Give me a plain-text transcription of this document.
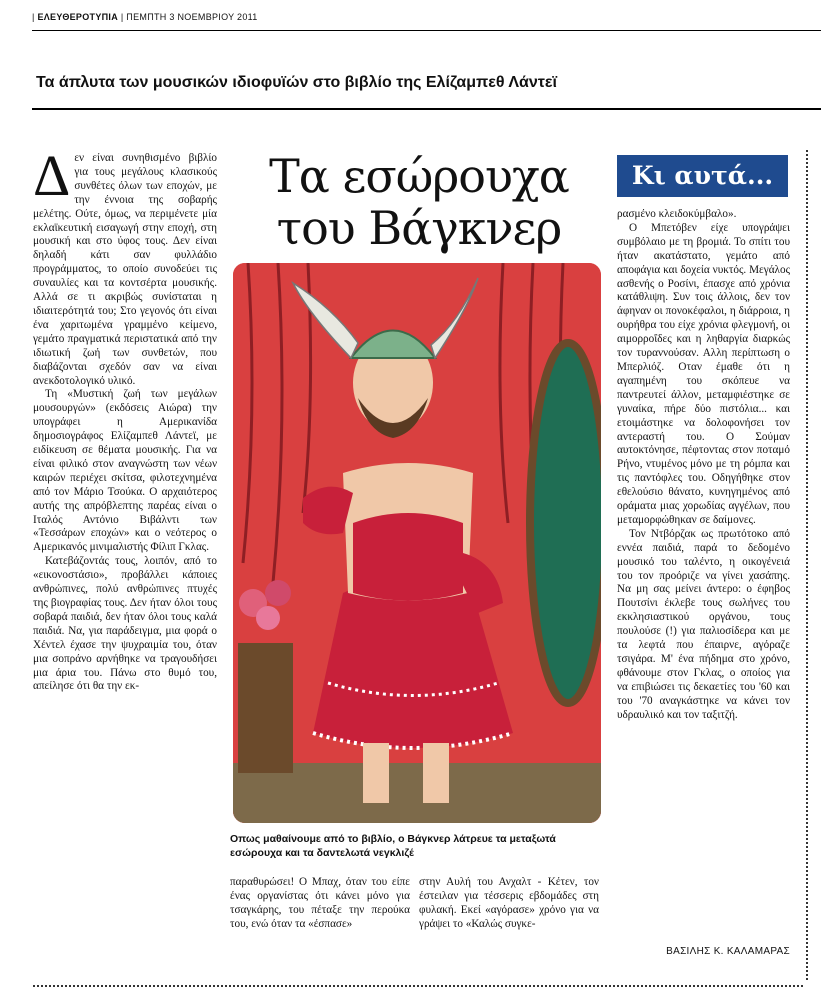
| ΕΛΕΥΘΕΡΟΤΥΠΙΑ | ΠΕΜΠΤΗ 3 ΝΟΕΜΒΡΙΟΥ 2011
Τα άπλυτα των μουσικών ιδιοφυϊών στο βιβλίο της Ελίζαμπεθ Λάντεϊ

Δεν είναι συνηθισμένο βιβλίο για τους μεγάλους κλασικούς συνθέτες όλων των εποχών, με την έννοια της σοβαρής μελέτης. Ούτε, όμως, να περιμένετε μία εκλαϊκευτική εισαγωγή στην εποχή, στη μουσική και στο ύφος τους. Δεν είναι δηλαδή κάτι σαν φυλλάδιο προγράμματος, το οποίο συνοδεύει τις συναυλίες και τα κοντσέρτα μουσικής. Αλλά σε τι ακριβώς συνίσταται η ιδιαιτερότητά του; Στο γεγονός ότι είναι ένα χαριτωμένα γραμμένο κείμενο, γεμάτο πραγματικά περιστατικά από την ιδιωτική ζωή των συνθετών, που διαβάζονται σχεδόν σαν να είναι ανεκδοτολογικό υλικό.

Τη «Μυστική ζωή των μεγάλων μουσουργών» (εκδόσεις Αιώρα) την υπογράφει η Αμερικανίδα δημοσιογράφος Ελίζαμπεθ Λάντεϊ, με ειδίκευση σε θέματα μουσικής. Για να είναι φιλικό στον αναγνώστη των νέων καιρών περιέχει σκίτσα, φιλοτεχνημένα από τον Μάριο Τσούκα. Ο αρχαιότερος αυτής της απρόβλεπτης παρέας είναι ο Ιταλός Αντόνιο Βιβάλντι των «Τεσσάρων εποχών» και ο νεότερος ο Αμερικανός μινιμαλιστής Φίλιπ Γκλας.

Κατεβάζοντάς τους, λοιπόν, από το «εικονοστάσιο», προβάλλει κάποιες ανθρώπινες, πολύ ανθρώπινες πτυχές της βιογραφίας τους. Δεν ήταν όλοι τους σοβαρά παιδιά, δεν ήταν όλοι τους καλά παιδιά. Να, για παράδειγμα, μια φορά ο Χέντελ έχασε την ψυχραιμία του, όταν μια σοπράνο αρνήθηκε να τραγουδήσει μια άρια του. Πάνω στο θυμό του, απείλησε ότι θα την εκ-

Τα εσώρουχα
του Βάγκνερ
Οπως μαθαίνουμε από το βιβλίο, ο Βάγκνερ λάτρευε τα μεταξωτά εσώρουχα και τα δαντελωτά νεγκλιζέ

παραθυρώσει! Ο Μπαχ, όταν του είπε ένας οργανίστας ότι κάνει μόνο για τσαγκάρης, του πέταξε την περούκα του, ενώ όταν τα «έσπασε»

στην Αυλή του Ανχαλτ - Κέτεν, τον έστειλαν για τέσσερις εβδομάδες στη φυλακή. Εκεί «αγόρασε» χρόνο για να γράψει το «Καλώς συγκε-

Κι αυτά...

ρασμένο κλειδοκύμβαλο».

Ο Μπετόβεν είχε υπογράψει συμβόλαιο με τη βρομιά. Το σπίτι του ήταν ακατάστατο, γεμάτο από αποφάγια και δοχεία νυκτός. Μεγάλος ασθενής ο Ροσίνι, έπασχε από χρόνια κατάθλιψη. Συν τοις άλλοις, δεν τον άφηναν οι πονοκέφαλοι, η διάρροια, η ουρήθρα του είχε χρόνια φλεγμονή, οι αιμορροΐδες και η ληθαργία διαρκώς τον τυραννούσαν. Αλλη περίπτωση ο Μπερλιόζ. Οταν έμαθε ότι η αγαπημένη του σκόπευε να παντρευτεί άλλον, μεταμφιέστηκε σε γυναίκα, πήρε δύο πιστόλια... και ετοιμάστηκε να δολοφονήσει τον αντεραστή του. Ο Σούμαν αυτοκτόνησε, πέφτοντας στον ποταμό Ρήνο, ντυμένος μόνο με τη ρόμπα και τις παντόφλες του. Οδηγήθηκε στον εθελούσιο θάνατο, κυνηγημένος από οράματα μιας χορωδίας αγγέλων, που μεταμορφώθηκαν σε δαίμονες.

Τον Ντβόρζακ ως πρωτότοκο από εννέα παιδιά, παρά το δεδομένο μουσικό του ταλέντο, η οικογένειά του τον προόριζε να γίνει χασάπης. Να μη σας μείνει άντερο: ο έφηβος Πουτσίνι έκλεβε τους σωλήνες του εκκλησιαστικού οργάνου, τους πουλούσε (!) για παλιοσίδερα και με τα λεφτά που έπαιρνε, αγόραζε τσιγάρα. Μ' ένα πήδημα στο χρόνο, φθάνουμε στον Γκλας, ο οποίος για να επιβιώσει τις δεκαετίες του '60 και του '70 αναγκάστηκε να κάνει τον υδραυλικό και τον ταξιτζή.

ΒΑΣΙΛΗΣ Κ. ΚΑΛΑΜΑΡΑΣ
